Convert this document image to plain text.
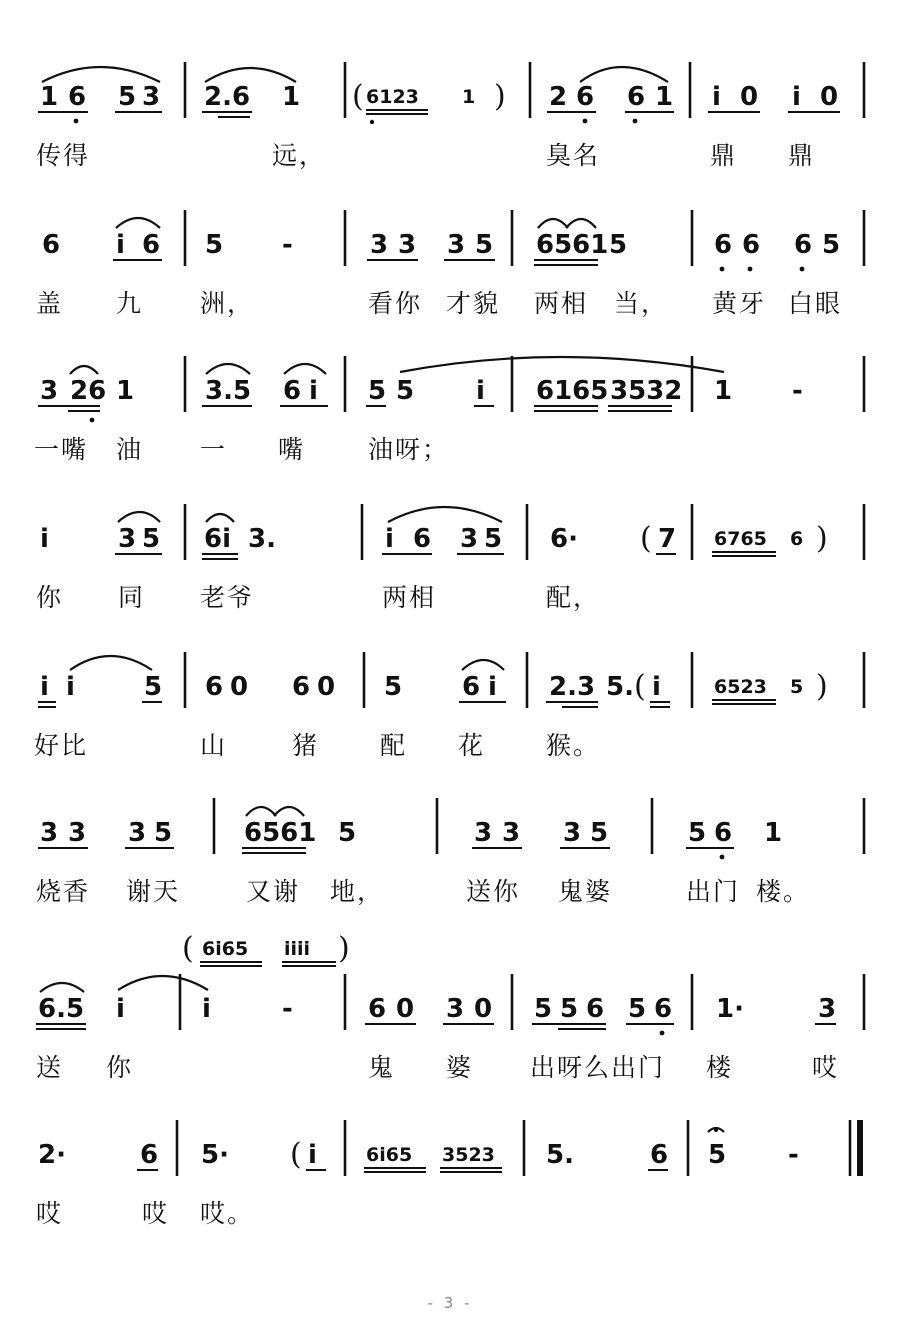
1 6 5 3 2.6 1 ( 6123 1 ) 2 6 6 1 i 0 i 0
传得	远，	臭名	鼎 鼎
6 i 6 5 -	3 3 3 5 6561 5	6 6 6 5
盖 九 洲，	看你 才貌 两相 当， 黄牙 白眼
3 26 1	3.5 6 i 5 5 i 6165 3532 1 -
一嘴 油 一 嘴	油呀；
i	3 5 6i 3.	i 6 3 5 6· ( 7 6765 6 )
你 同 老爷	两相	配，
i i	5 6 0 6 0 5 6 i 2.3 5. ( i	6523 5 )
好比	山	猪 配 花 猴。
3 3 3 5	6561 5	3 3 3 5	5 6 1
烧香 谢天	又谢 地，	送你 鬼婆	出门 楼。
( 6i65 iiii )
6.5 i	i	-	6 0 3 0 5 5 6 5 6 1·	3
送 你	鬼 婆 出呀么出门 楼	哎
2·	6 5· ( i	6i65 3523 5.	6 5 -
哎	哎 哎。
- 3 -
